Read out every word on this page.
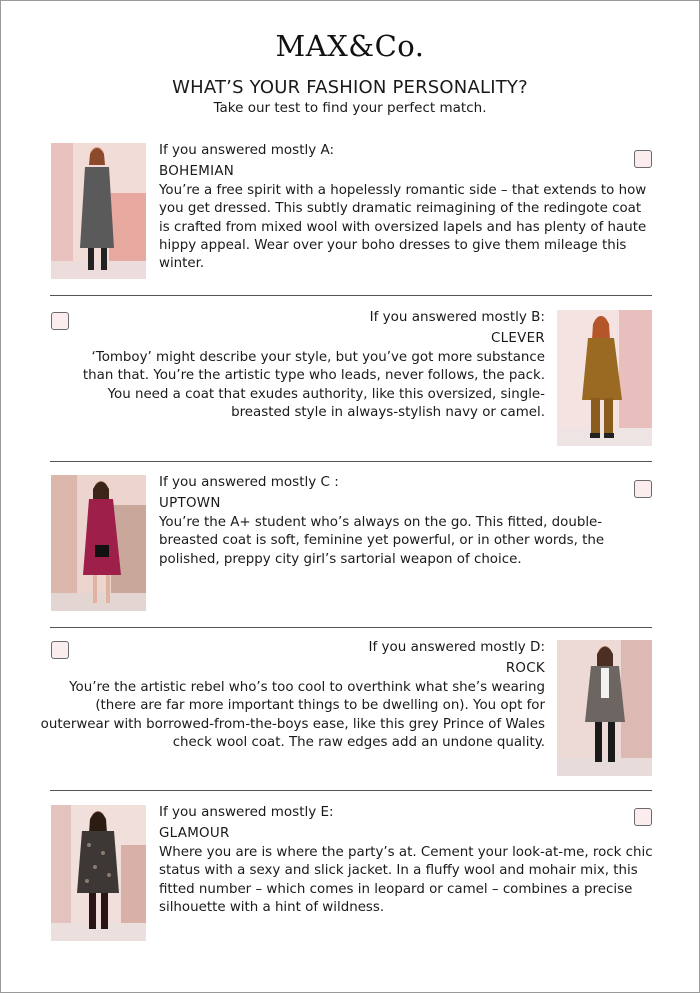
MAX&Co.
WHAT’S YOUR FASHION PERSONALITY?
Take our test to find your perfect match.
If you answered mostly A:
BOHEMIAN

You’re a free spirit with a hopelessly romantic side – that extends to how you get dressed. This subtly dramatic reimagining of the redingote coat is crafted from mixed wool with oversized lapels and has plenty of haute hippy appeal. Wear over your boho dresses to give them mileage this winter.

If you answered mostly B:
CLEVER

‘Tomboy’ might describe your style, but you’ve got more substance than that. You’re the artistic type who leads, never follows, the pack. You need a coat that exudes authority, like this oversized, single-breasted style in always-stylish navy or camel.

If you answered mostly C :
UPTOWN

You’re the A+ student who’s always on the go. This fitted, double-breasted coat is soft, feminine yet powerful, or in other words, the polished, preppy city girl’s sartorial weapon of choice.

If you answered mostly D:
ROCK

You’re the artistic rebel who’s too cool to overthink what she’s wearing (there are far more important things to be dwelling on). You opt for outerwear with borrowed-from-the-boys ease, like this grey Prince of Wales check wool coat. The raw edges add an undone quality.

If you answered mostly E:
GLAMOUR

Where you are is where the party’s at. Cement your look-at-me, rock chic status with a sexy and slick jacket. In a fluffy wool and mohair mix, this fitted number – which comes in leopard or camel – combines a precise silhouette with a hint of wildness.
